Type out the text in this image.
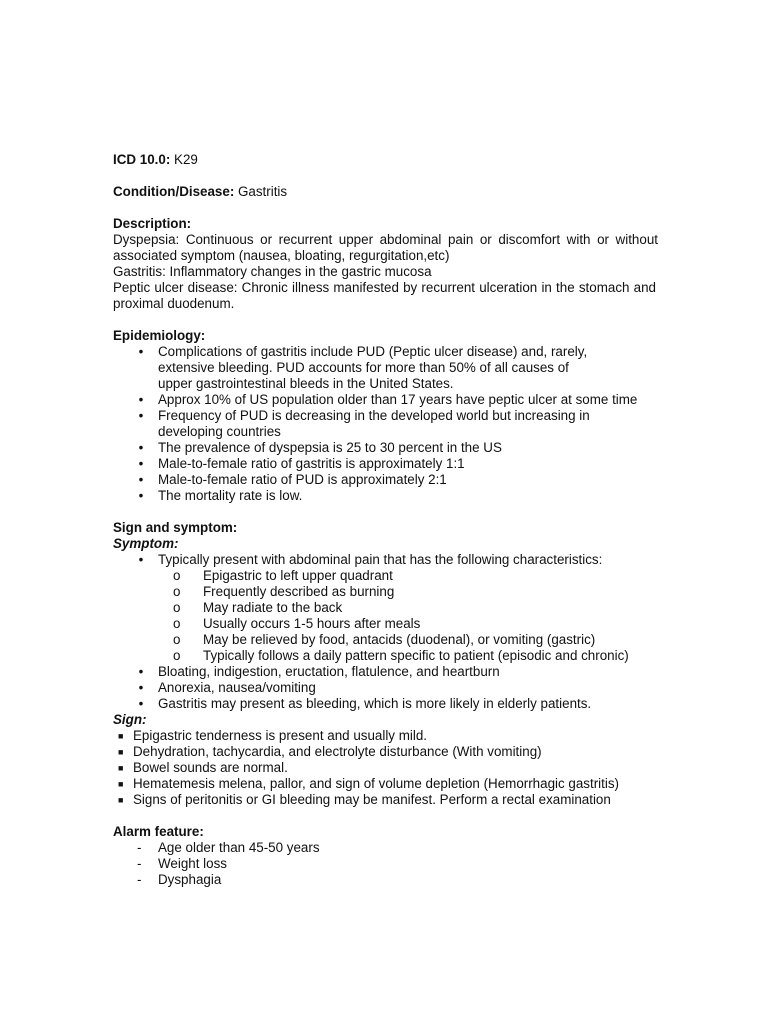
ICD 10.0: K29
Condition/Disease: Gastritis
Description:
Dyspepsia: Continuous or recurrent upper abdominal pain or discomfort with or without associated symptom (nausea, bloating, regurgitation,etc)
Gastritis: Inflammatory changes in the gastric mucosa
Peptic ulcer disease: Chronic illness manifested by recurrent ulceration in the stomach and proximal duodenum.
Epidemiology:
• Complications of gastritis include PUD (Peptic ulcer disease) and, rarely, extensive bleeding. PUD accounts for more than 50% of all causes of upper gastrointestinal bleeds in the United States.
• Approx 10% of US population older than 17 years have peptic ulcer at some time
• Frequency of PUD is decreasing in the developed world but increasing in developing countries
• The prevalence of dyspepsia is 25 to 30 percent in the US
• Male-to-female ratio of gastritis is approximately 1:1
• Male-to-female ratio of PUD is approximately 2:1
• The mortality rate is low.
Sign and symptom:
Symptom:
• Typically present with abdominal pain that has the following characteristics:
o Epigastric to left upper quadrant
o Frequently described as burning
o May radiate to the back
o Usually occurs 1-5 hours after meals
o May be relieved by food, antacids (duodenal), or vomiting (gastric)
o Typically follows a daily pattern specific to patient (episodic and chronic)
• Bloating, indigestion, eructation, flatulence, and heartburn
• Anorexia, nausea/vomiting
• Gastritis may present as bleeding, which is more likely in elderly patients.
Sign:
■ Epigastric tenderness is present and usually mild.
■ Dehydration, tachycardia, and electrolyte disturbance (With vomiting)
■ Bowel sounds are normal.
■ Hematemesis melena, pallor, and sign of volume depletion (Hemorrhagic gastritis)
■ Signs of peritonitis or GI bleeding may be manifest. Perform a rectal examination
Alarm feature:
- Age older than 45-50 years
- Weight loss
- Dysphagia
